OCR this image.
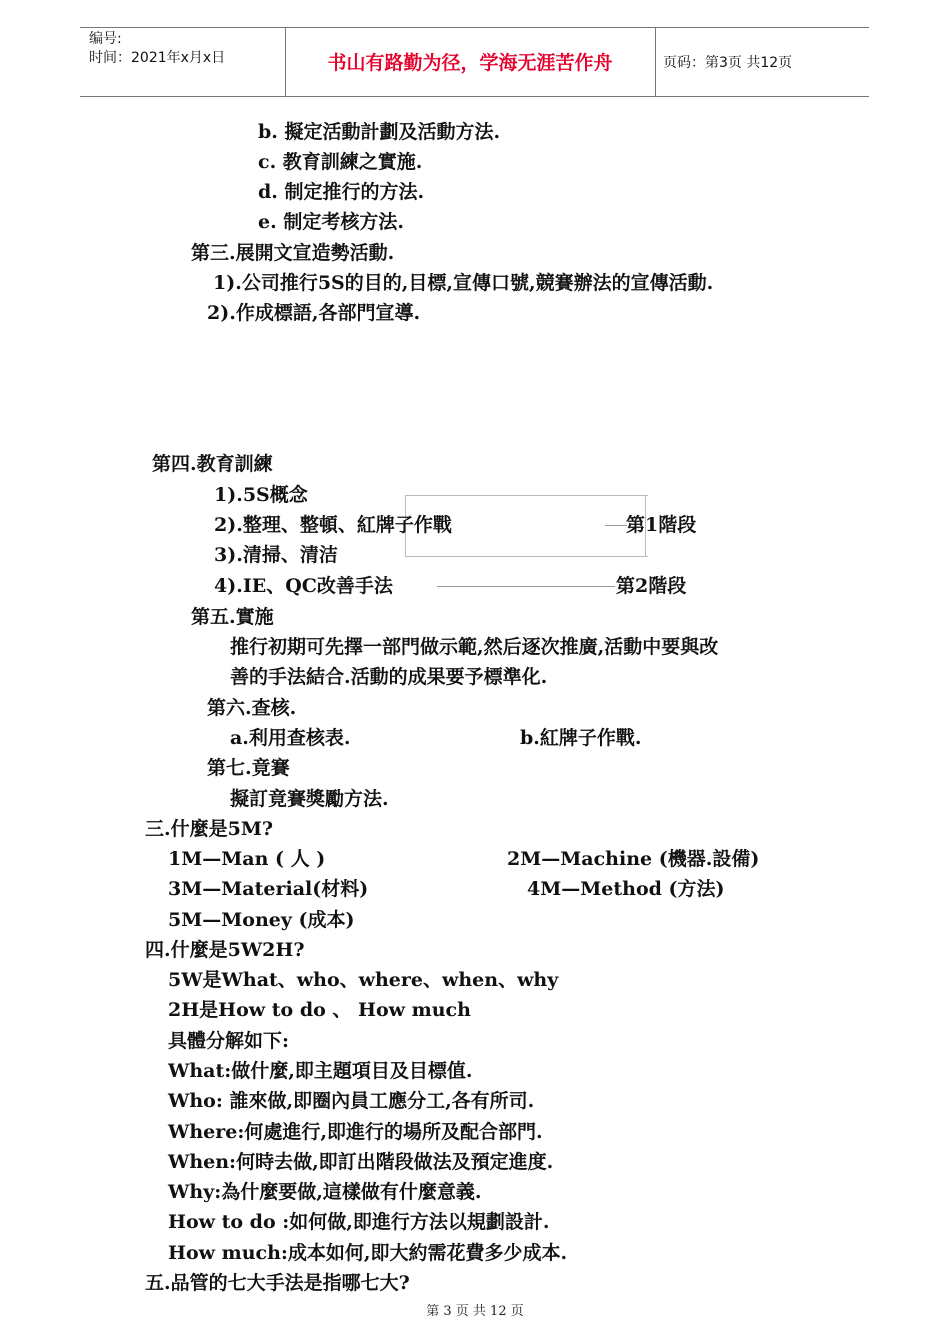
编号:
时间：2021年x月x日	书山有路勤为径，学海无涯苦作舟	页码：第3页 共12页
b. 擬定活動計劃及活動方法.
c. 教育訓練之實施.
d. 制定推行的方法.
e. 制定考核方法.
第三.展開文宣造勢活動.
1).公司推行5S的目的,目標,宣傳口號,競賽辦法的宣傳活動.
2).作成標語,各部門宣導.
第四.教育訓練
1).5S概念
2).整理、整頓、紅牌子作戰	第1階段
3).清掃、清洁
4).IE、QC改善手法	第2階段
第五.實施
推行初期可先擇一部門做示範,然后逐次推廣,活動中要與改
善的手法結合.活動的成果要予標準化.
第六.查核.
a.利用查核表.	b.紅牌子作戰.
第七.竟賽
擬訂竟賽獎勵方法.
三.什麼是5M?
1M—Man ( 人 )	2M—Machine (機器.設備)
3M—Material(材料)	4M—Method (方法)
5M—Money (成本)
四.什麼是5W2H?
5W是What、who、where、when、why
2H是How to do 、 How much
具體分解如下:
What:做什麼,即主題項目及目標值.
Who: 誰來做,即圈內員工應分工,各有所司.
Where:何處進行,即進行的場所及配合部門.
When:何時去做,即訂出階段做法及預定進度.
Why:為什麼要做,這樣做有什麼意義.
How to do :如何做,即進行方法以規劃設計.
How much:成本如何,即大約需花費多少成本.
五.品管的七大手法是指哪七大?
第 3 页 共 12 页
